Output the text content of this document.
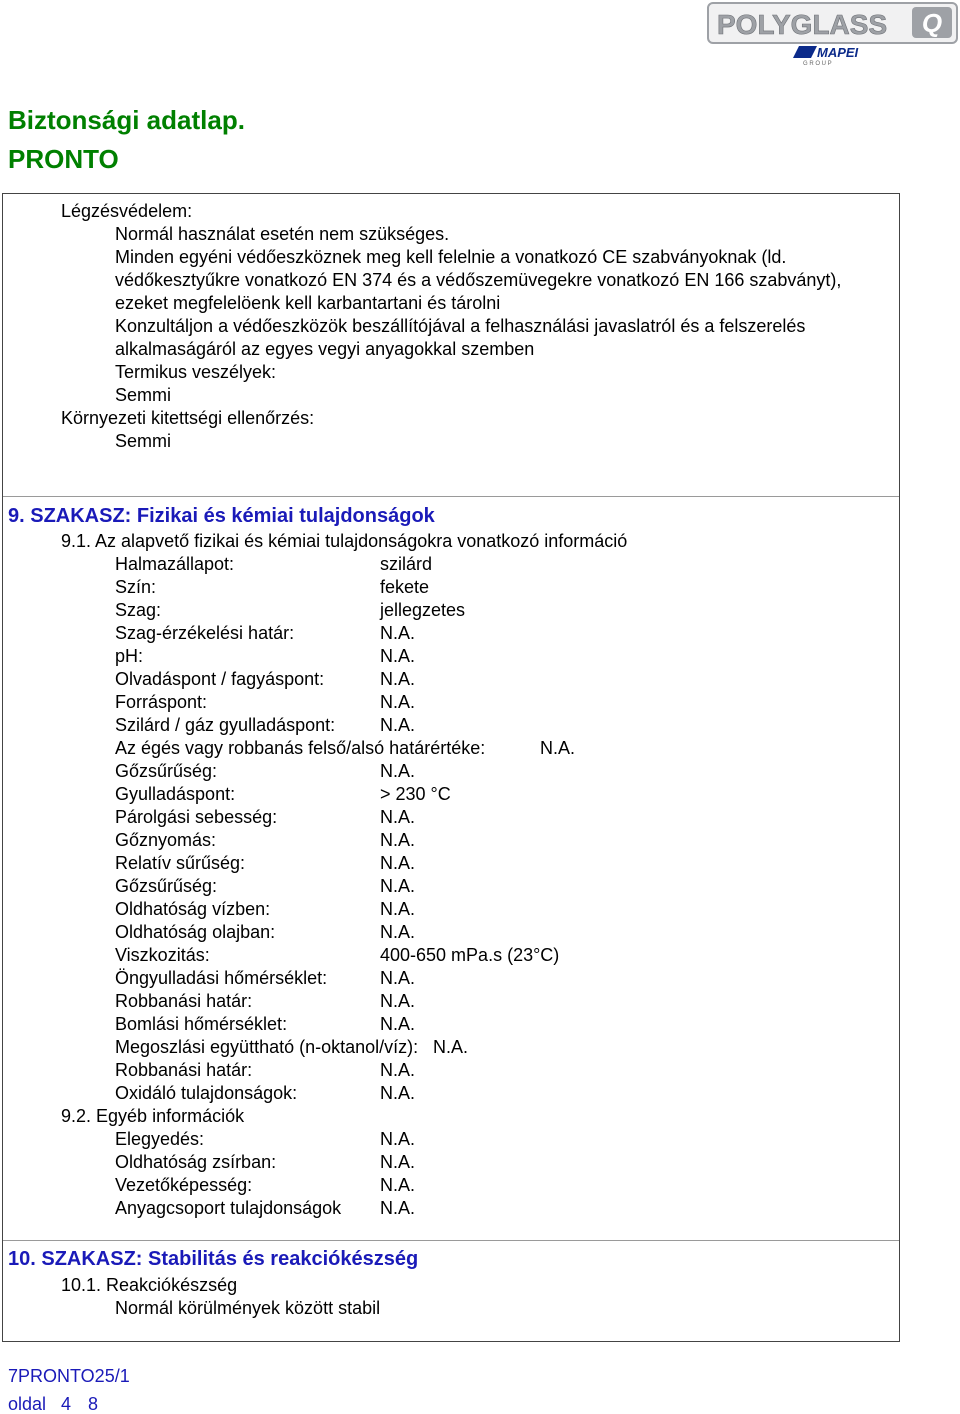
POLYGLASS Q
MAPEI
G R O U P
Biztonsági adatlap.
PRONTO
Légzésvédelem:
Normál használat esetén nem szükséges.
Minden egyéni védőeszköznek meg kell felelnie a vonatkozó CE szabványoknak (ld.
védőkesztyűkre vonatkozó EN 374 és a védőszemüvegekre vonatkozó EN 166 szabványt),
ezeket megfelelöenk kell karbantartani és tárolni
Konzultáljon a védőeszközök beszállítójával a felhasználási javaslatról és a felszerelés
alkalmaságáról az egyes vegyi anyagokkal szemben
Termikus veszélyek:
Semmi
Környezeti kitettségi ellenőrzés:
Semmi
9. SZAKASZ: Fizikai és kémiai tulajdonságok
9.1. Az alapvető fizikai és kémiai tulajdonságokra vonatkozó információ
Halmazállapot:	szilárd
Szín:	fekete
Szag:	jellegzetes
Szag-érzékelési határ:	N.A.
pH:	N.A.
Olvadáspont / fagyáspont:	N.A.
Forráspont:	N.A.
Szilárd / gáz gyulladáspont: N.A.
Az égés vagy robbanás felső/alsó határértéke:	N.A.
Gőzsűrűség:	N.A.
Gyulladáspont:	> 230 °C
Párolgási sebesség:	N.A.
Gőznyomás:	N.A.
Relatív sűrűség:	N.A.
Gőzsűrűség:	N.A.
Oldhatóság vízben:	N.A.
Oldhatóság olajban:	N.A.
Viszkozitás:	400-650 mPa.s (23°C)
Öngyulladási hőmérséklet:	N.A.
Robbanási határ:	N.A.
Bomlási hőmérséklet:	N.A.
Megoszlási együttható (n-oktanol/víz): N.A.
Robbanási határ:	N.A.
Oxidáló tulajdonságok:	N.A.
9.2. Egyéb információk
Elegyedés:	N.A.
Oldhatóság zsírban:	N.A.
Vezetőképesség:	N.A.
Anyagcsoport tulajdonságok N.A.
10. SZAKASZ: Stabilitás és reakciókészség
10.1. Reakciókészség
Normál körülmények között stabil
7PRONTO25/1
oldal 4 8
